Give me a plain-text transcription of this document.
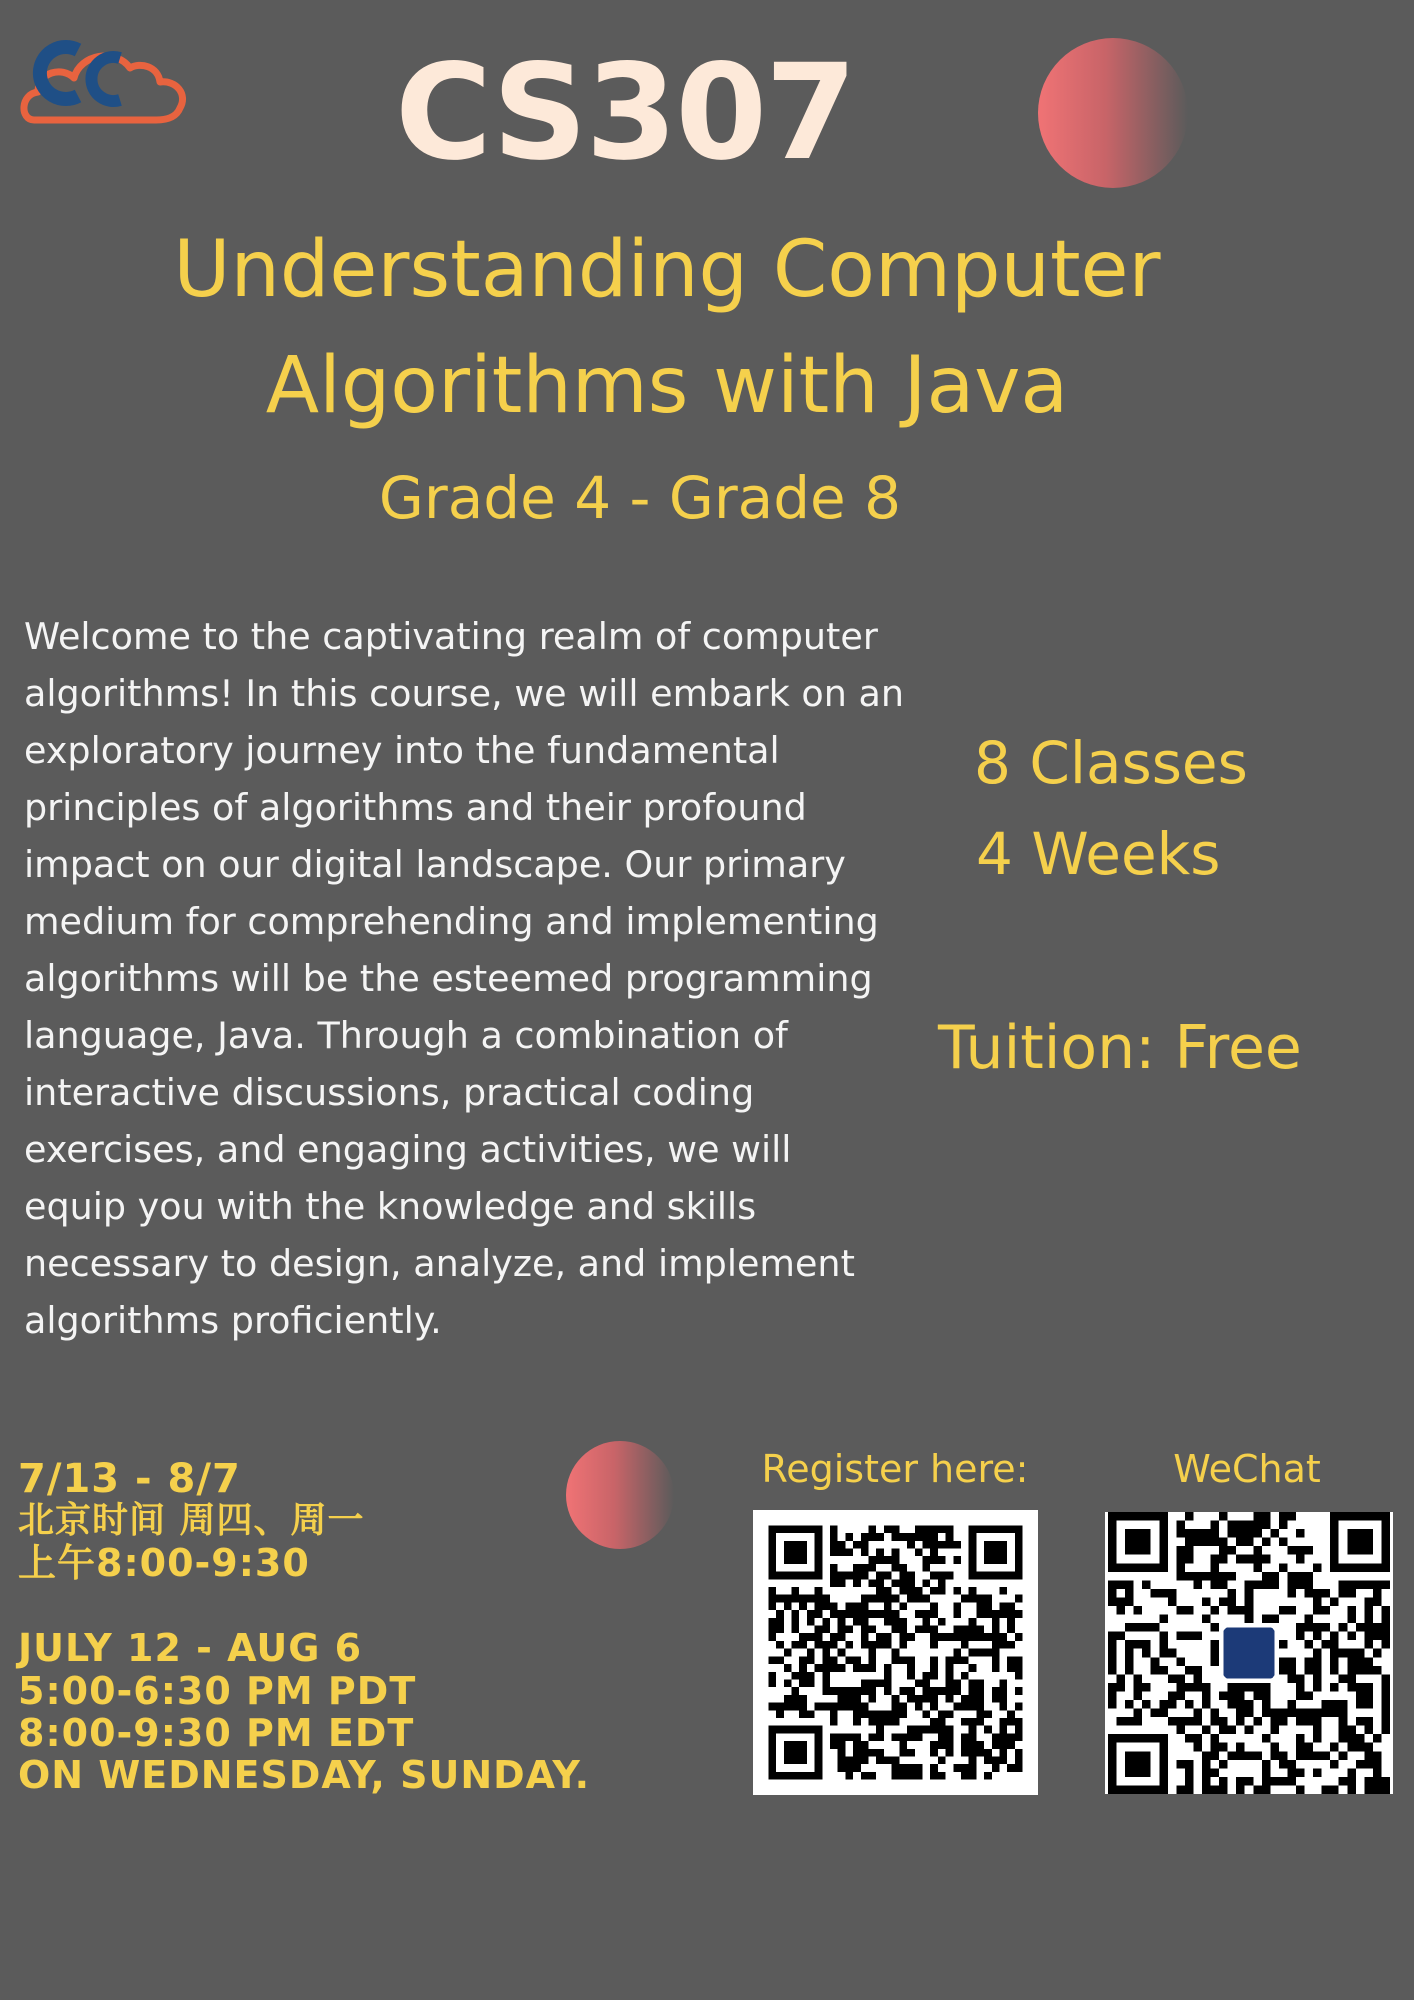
CS307
Understanding Computer
Algorithms with Java
Grade 4 - Grade 8
Welcome to the captivating realm of computer algorithms! In this course, we will embark on an exploratory journey into the fundamental principles of algorithms and their profound impact on our digital landscape. Our primary medium for comprehending and implementing algorithms will be the esteemed programming language, Java. Through a combination of interactive discussions, practical coding exercises, and engaging activities, we will equip you with the knowledge and skills necessary to design, analyze, and implement algorithms proficiently.
8 Classes
4 Weeks
Tuition: Free
7/13 - 8/7
北京时间 周四、周一
上午8:00-9:30
JULY 12 - AUG 6
5:00-6:30 PM PDT
8:00-9:30 PM EDT
ON WEDNESDAY, SUNDAY.
Register here:	WeChat
